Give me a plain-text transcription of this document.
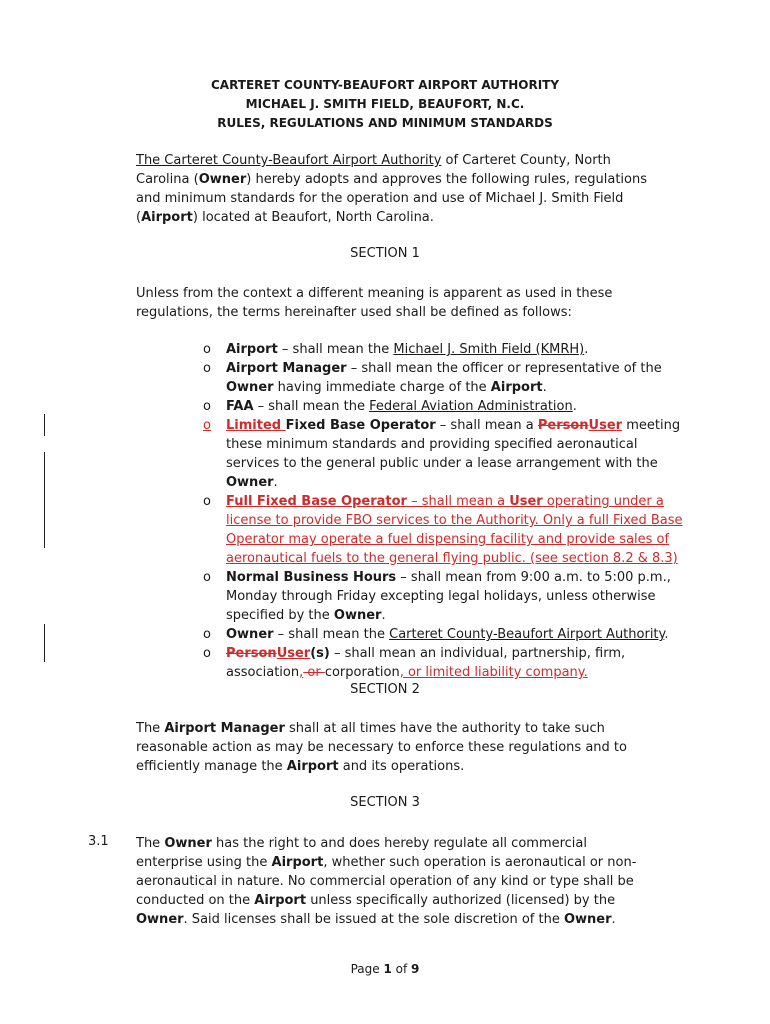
CARTERET COUNTY-BEAUFORT AIRPORT AUTHORITY
MICHAEL J. SMITH FIELD, BEAUFORT, N.C.
RULES, REGULATIONS AND MINIMUM STANDARDS
The Carteret County-Beaufort Airport Authority of Carteret County, North Carolina (Owner) hereby adopts and approves the following rules, regulations and minimum standards for the operation and use of Michael J. Smith Field (Airport) located at Beaufort, North Carolina.
SECTION 1
Unless from the context a different meaning is apparent as used in these regulations, the terms hereinafter used shall be defined as follows:
o Airport – shall mean the Michael J. Smith Field (KMRH).
o Airport Manager – shall mean the officer or representative of the Owner having immediate charge of the Airport.
o FAA – shall mean the Federal Aviation Administration.
o Limited Fixed Base Operator – shall mean a PersonUser meeting these minimum standards and providing specified aeronautical services to the general public under a lease arrangement with the Owner.
o Full Fixed Base Operator – shall mean a User operating under a license to provide FBO services to the Authority. Only a full Fixed Base Operator may operate a fuel dispensing facility and provide sales of aeronautical fuels to the general flying public. (see section 8.2 & 8.3)
o Normal Business Hours – shall mean from 9:00 a.m. to 5:00 p.m., Monday through Friday excepting legal holidays, unless otherwise specified by the Owner.
o Owner – shall mean the Carteret County-Beaufort Airport Authority.
o PersonUser(s) – shall mean an individual, partnership, firm, association, or corporation, or limited liability company.
SECTION 2
The Airport Manager shall at all times have the authority to take such reasonable action as may be necessary to enforce these regulations and to efficiently manage the Airport and its operations.
SECTION 3
3.1 The Owner has the right to and does hereby regulate all commercial enterprise using the Airport, whether such operation is aeronautical or non-aeronautical in nature. No commercial operation of any kind or type shall be conducted on the Airport unless specifically authorized (licensed) by the Owner. Said licenses shall be issued at the sole discretion of the Owner.
Page 1 of 9
